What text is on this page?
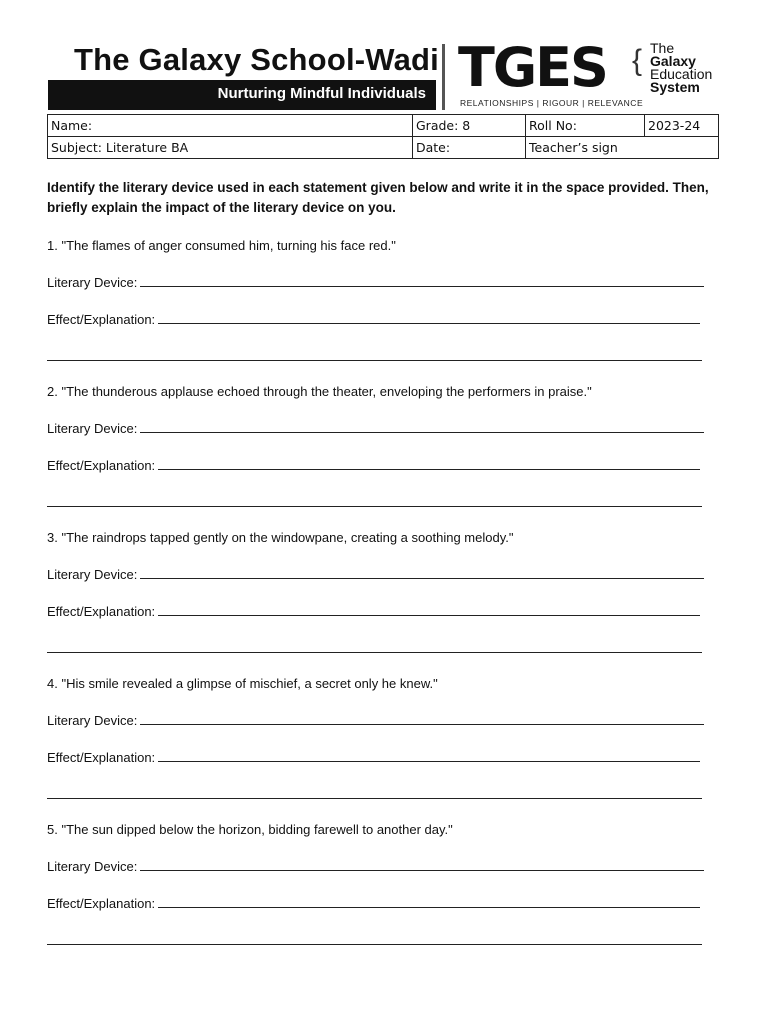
The Galaxy School-Wadi
Nurturing Mindful Individuals TGES
RELATIONSHIPS | RIGOUR | RELEVANCE
{ The
Galaxy
Education
System
Name:	Grade: 8	Roll No:	2023-24
Subject: Literature BA	Date:	Teacher’s sign	
Identify the literary device used in each statement given below and write it in the space provided. Then, briefly explain the impact of the literary device on you.
1. "The flames of anger consumed him, turning his face red."
Literary Device:
Effect/Explanation:
2. "The thunderous applause echoed through the theater, enveloping the performers in praise."
Literary Device:
Effect/Explanation:
3. "The raindrops tapped gently on the windowpane, creating a soothing melody."
Literary Device:
Effect/Explanation:
4. "His smile revealed a glimpse of mischief, a secret only he knew."
Literary Device:
Effect/Explanation:
5. "The sun dipped below the horizon, bidding farewell to another day."
Literary Device:
Effect/Explanation:
